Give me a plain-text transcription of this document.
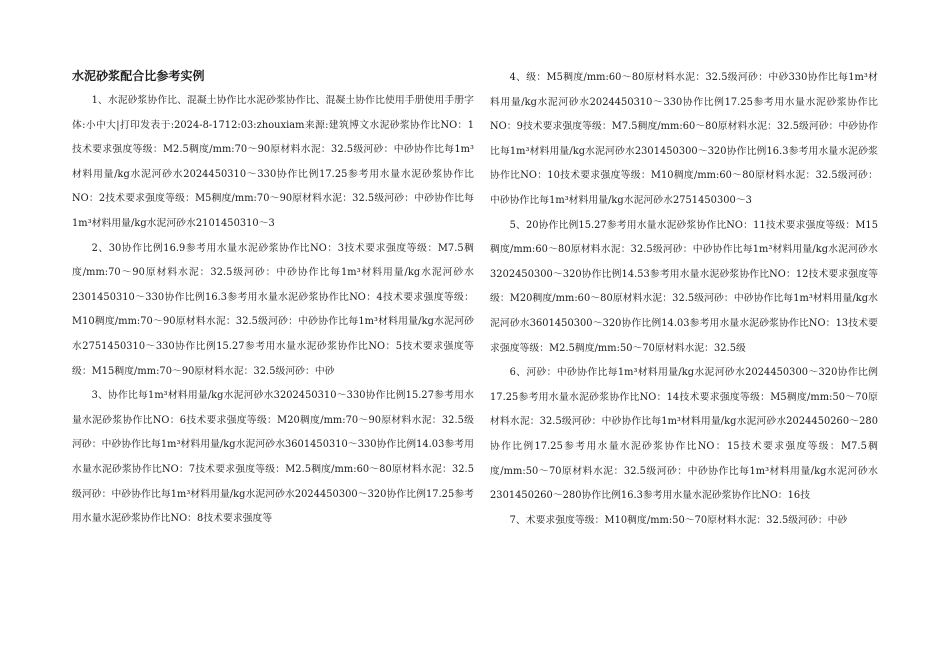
水泥砂浆配合比参考实例

1、水泥砂浆协作比、混凝土协作比水泥砂浆协作比、混凝土协作比使用手册使用手册字体:小中大|打印发表于:2024-8-1712:03:zhouxiam来源:建筑博文水泥砂浆协作比NO：1技术要求强度等级：M2.5稠度/mm:70～90原材料水泥：32.5级河砂：中砂协作比每1m³材料用量/kg水泥河砂水2024450310～330协作比例17.25参考用水量水泥砂浆协作比NO：2技术要求强度等级：M5稠度/mm:70～90原材料水泥：32.5级河砂：中砂协作比每1m³材料用量/kg水泥河砂水2101450310～3

2、30协作比例16.9参考用水量水泥砂浆协作比NO：3技术要求强度等级：M7.5稠度/mm:70～90原材料水泥：32.5级河砂：中砂协作比每1m³材料用量/kg水泥河砂水2301450310～330协作比例16.3参考用水量水泥砂浆协作比NO：4技术要求强度等级：M10稠度/mm:70～90原材料水泥：32.5级河砂：中砂协作比每1m³材料用量/kg水泥河砂水2751450310～330协作比例15.27参考用水量水泥砂浆协作比NO：5技术要求强度等级：M15稠度/mm:70～90原材料水泥：32.5级河砂：中砂

3、协作比每1m³材料用量/kg水泥河砂水3202450310～330协作比例15.27参考用水量水泥砂浆协作比NO：6技术要求强度等级：M20稠度/mm:70～90原材料水泥：32.5级河砂：中砂协作比每1m³材料用量/kg水泥河砂水3601450310～330协作比例14.03参考用水量水泥砂浆协作比NO：7技术要求强度等级：M2.5稠度/mm:60～80原材料水泥：32.5级河砂：中砂协作比每1m³材料用量/kg水泥河砂水2024450300～320协作比例17.25参考用水量水泥砂浆协作比NO：8技术要求强度等

4、级：M5稠度/mm:60～80原材料水泥：32.5级河砂：中砂330协作比每1m³材料用量/kg水泥河砂水2024450310～330协作比例17.25参考用水量水泥砂浆协作比NO：9技术要求强度等级：M7.5稠度/mm:60～80原材料水泥：32.5级河砂：中砂协作比每1m³材料用量/kg水泥河砂水2301450300～320协作比例16.3参考用水量水泥砂浆协作比NO：10技术要求强度等级：M10稠度/mm:60～80原材料水泥：32.5级河砂：中砂协作比每1m³材料用量/kg水泥河砂水2751450300～3

5、20协作比例15.27参考用水量水泥砂浆协作比NO：11技术要求强度等级：M15稠度/mm:60～80原材料水泥：32.5级河砂：中砂协作比每1m³材料用量/kg水泥河砂水3202450300～320协作比例14.53参考用水量水泥砂浆协作比NO：12技术要求强度等级：M20稠度/mm:60～80原材料水泥：32.5级河砂：中砂协作比每1m³材料用量/kg水泥河砂水3601450300～320协作比例14.03参考用水量水泥砂浆协作比NO：13技术要求强度等级：M2.5稠度/mm:50～70原材料水泥：32.5级

6、河砂：中砂协作比每1m³材料用量/kg水泥河砂水2024450300～320协作比例17.25参考用水量水泥砂浆协作比NO：14技术要求强度等级：M5稠度/mm:50～70原材料水泥：32.5级河砂：中砂协作比每1m³材料用量/kg水泥河砂水2024450260～280协作比例17.25参考用水量水泥砂浆协作比NO：15技术要求强度等级：M7.5稠度/mm:50～70原材料水泥：32.5级河砂：中砂协作比每1m³材料用量/kg水泥河砂水2301450260～280协作比例16.3参考用水量水泥砂浆协作比NO：16技

7、术要求强度等级：M10稠度/mm:50～70原材料水泥：32.5级河砂：中砂
